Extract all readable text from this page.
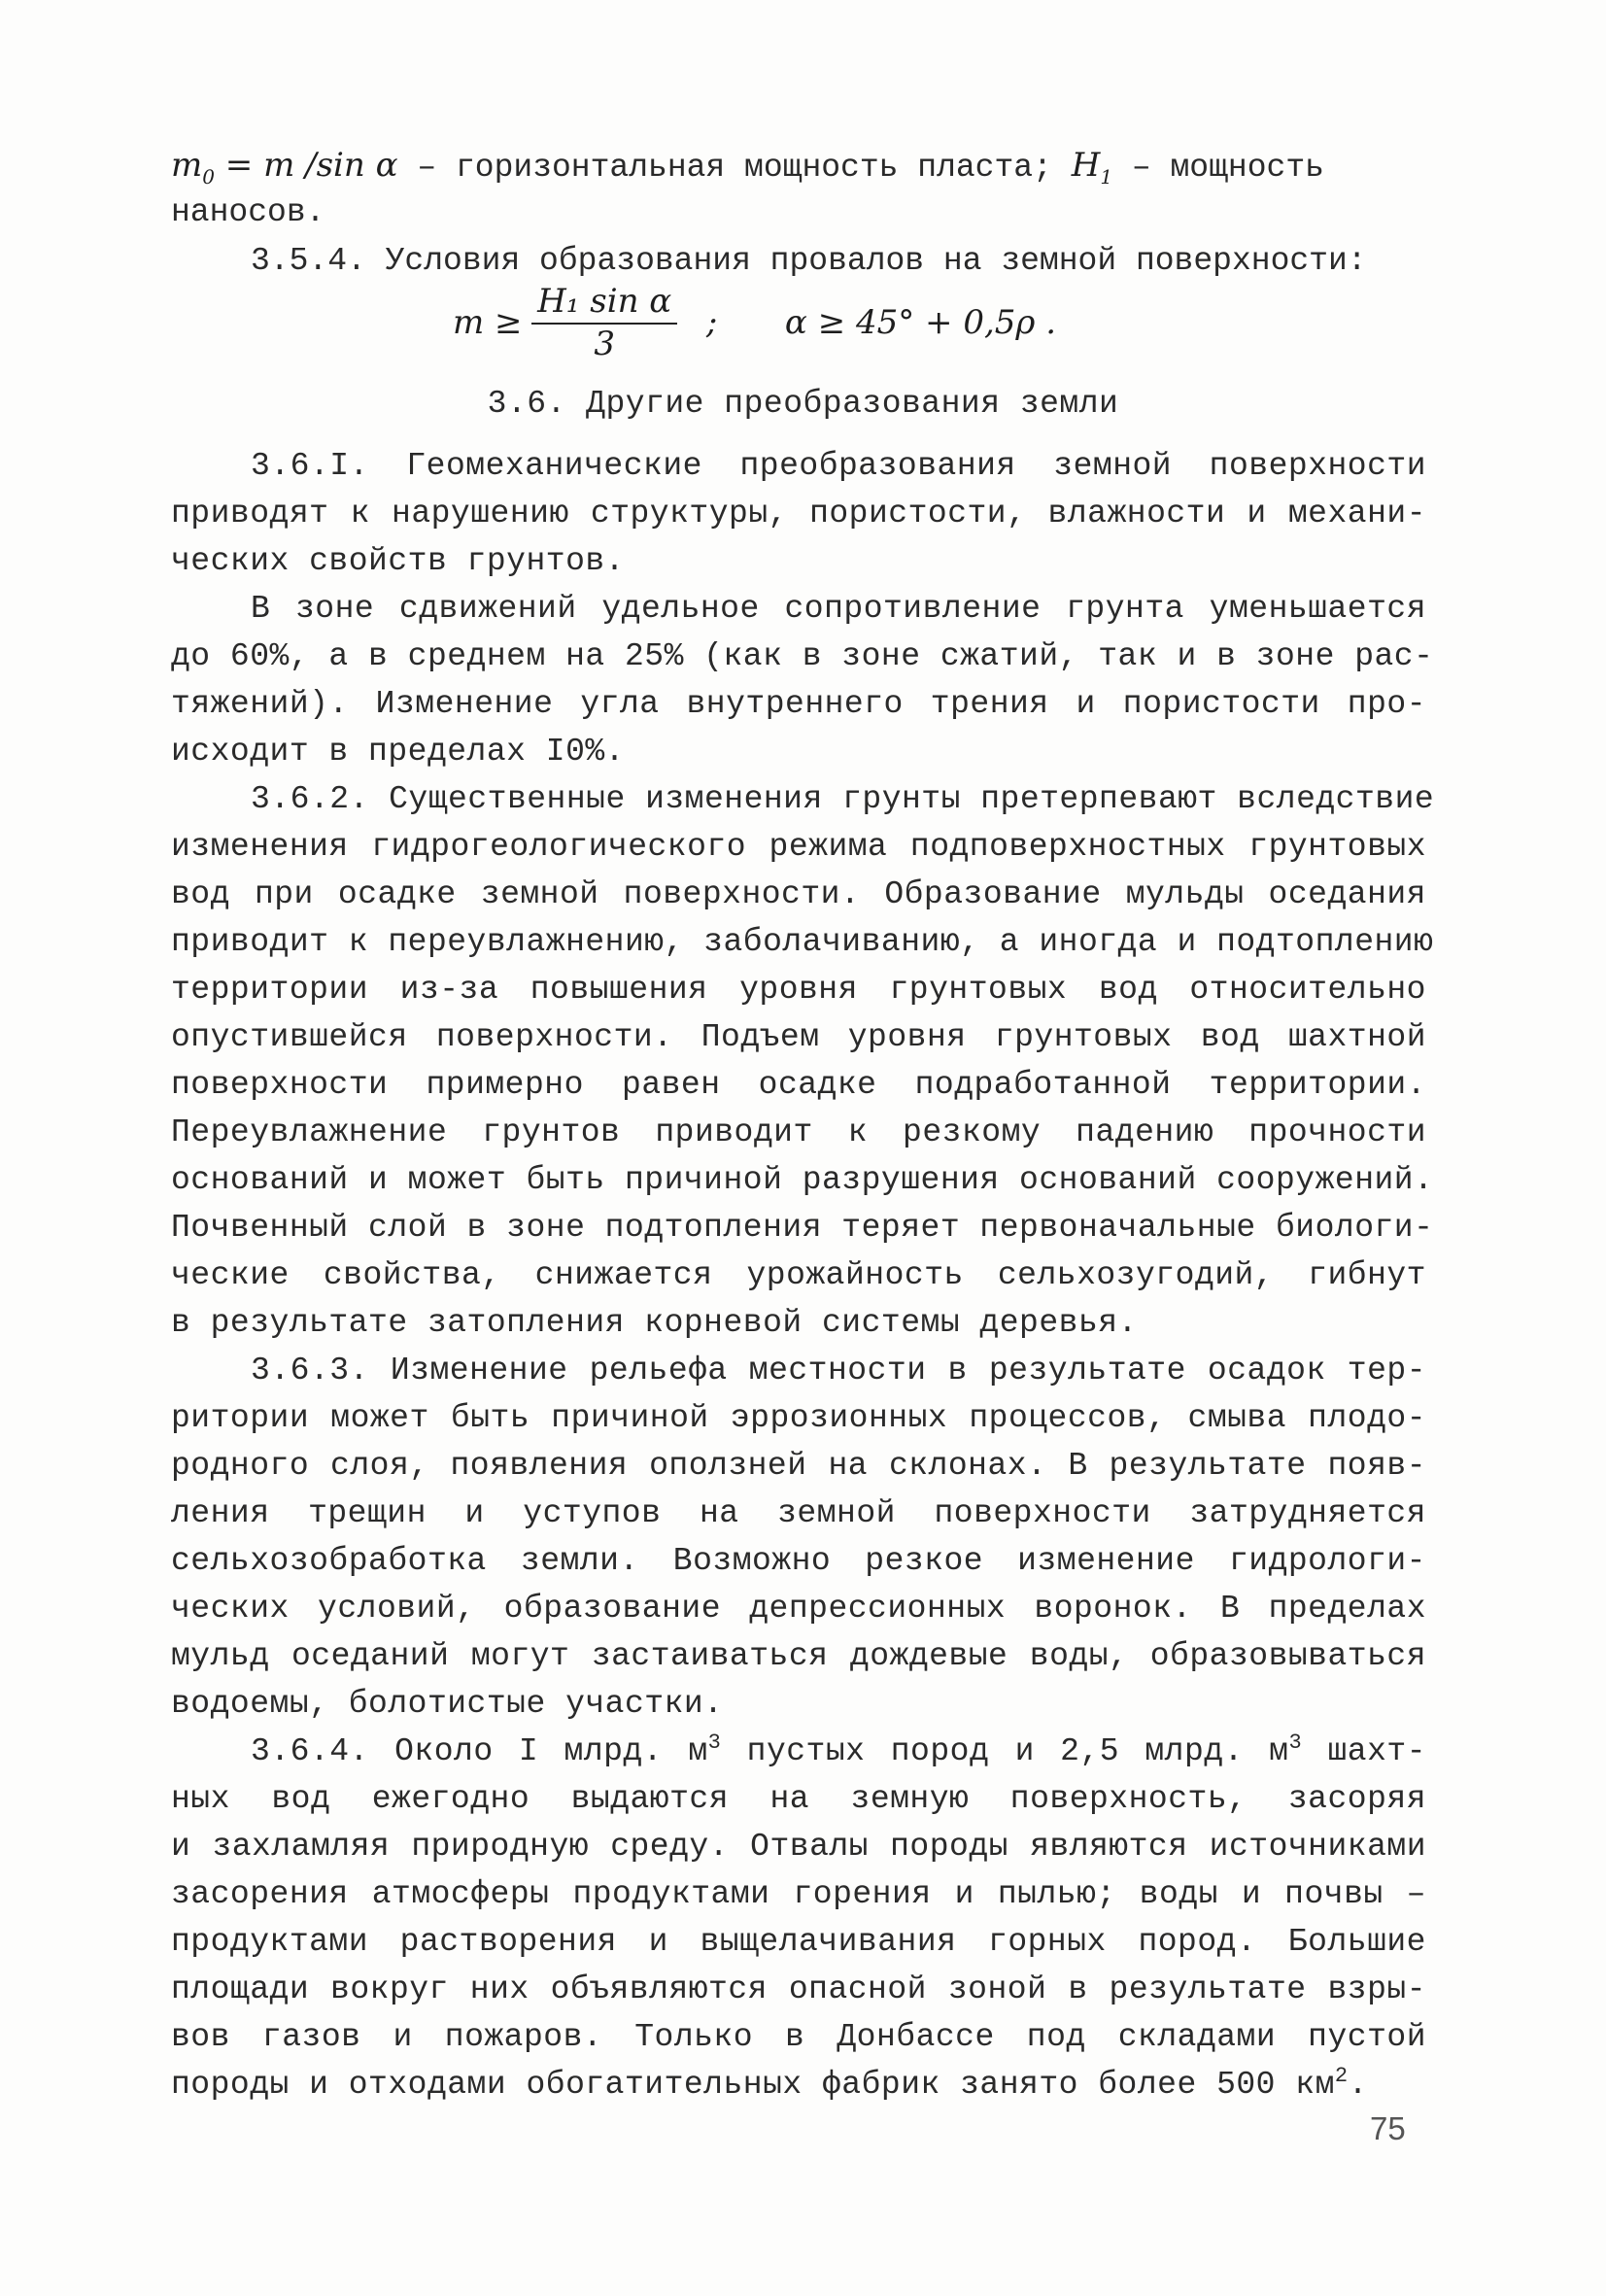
$m_0 = m$ /sin α – горизонтальная мощность пласта; $H_1$ – мощность
наносов.
3.5.4. Условия образования провалов на земной поверхности:
$m \ge \frac{\text{H₁ sin α}}{3}$ ; α ≥ 45° + 0,5ρ .
3.6. Другие преобразования земли
3.6.I. Геомеханические преобразования земной поверхности
приводят к нарушению структуры, пористости, влажности и механи-
ческих свойств грунтов.
В зоне сдвижений удельное сопротивление грунта уменьшается
до 60%, а в среднем на 25% (как в зоне сжатий, так и в зоне рас-
тяжений). Изменение угла внутреннего трения и пористости про-
исходит в пределах I0%.
3.6.2. Существенные изменения грунты претерпевают вследствие
изменения гидрогеологического режима подповерхностных грунтовых
вод при осадке земной поверхности. Образование мульды оседания
приводит к переувлажнению, заболачиванию, а иногда и подтоплению
территории из-за повышения уровня грунтовых вод относительно
опустившейся поверхности. Подъем уровня грунтовых вод шахтной
поверхности примерно равен осадке подработанной территории.
Переувлажнение грунтов приводит к резкому падению прочности
оснований и может быть причиной разрушения оснований сооружений.
Почвенный слой в зоне подтопления теряет первоначальные биологи-
ческие свойства, снижается урожайность сельхозугодий, гибнут
в результате затопления корневой системы деревья.
3.6.3. Изменение рельефа местности в результате осадок тер-
ритории может быть причиной эррозионных процессов, смыва плодо-
родного слоя, появления оползней на склонах. В результате появ-
ления трещин и уступов на земной поверхности затрудняется
сельхозобработка земли. Возможно резкое изменение гидрологи-
ческих условий, образование депрессионных воронок. В пределах
мульд оседаний могут застаиваться дождевые воды, образовываться
водоемы, болотистые участки.
3.6.4. Около I млрд. $м^3$ пустых пород и 2,5 млрд. $м^3$ шахт-
ных вод ежегодно выдаются на земную поверхность, засоряя
и захламляя природную среду. Отвалы породы являются источниками
засорения атмосферы продуктами горения и пылью; воды и почвы –
продуктами растворения и выщелачивания горных пород. Большие
площади вокруг них объявляются опасной зоной в результате взры-
вов газов и пожаров. Только в Донбассе под складами пустой
породы и отходами обогатительных фабрик занято более 500 $км^2$.
75
